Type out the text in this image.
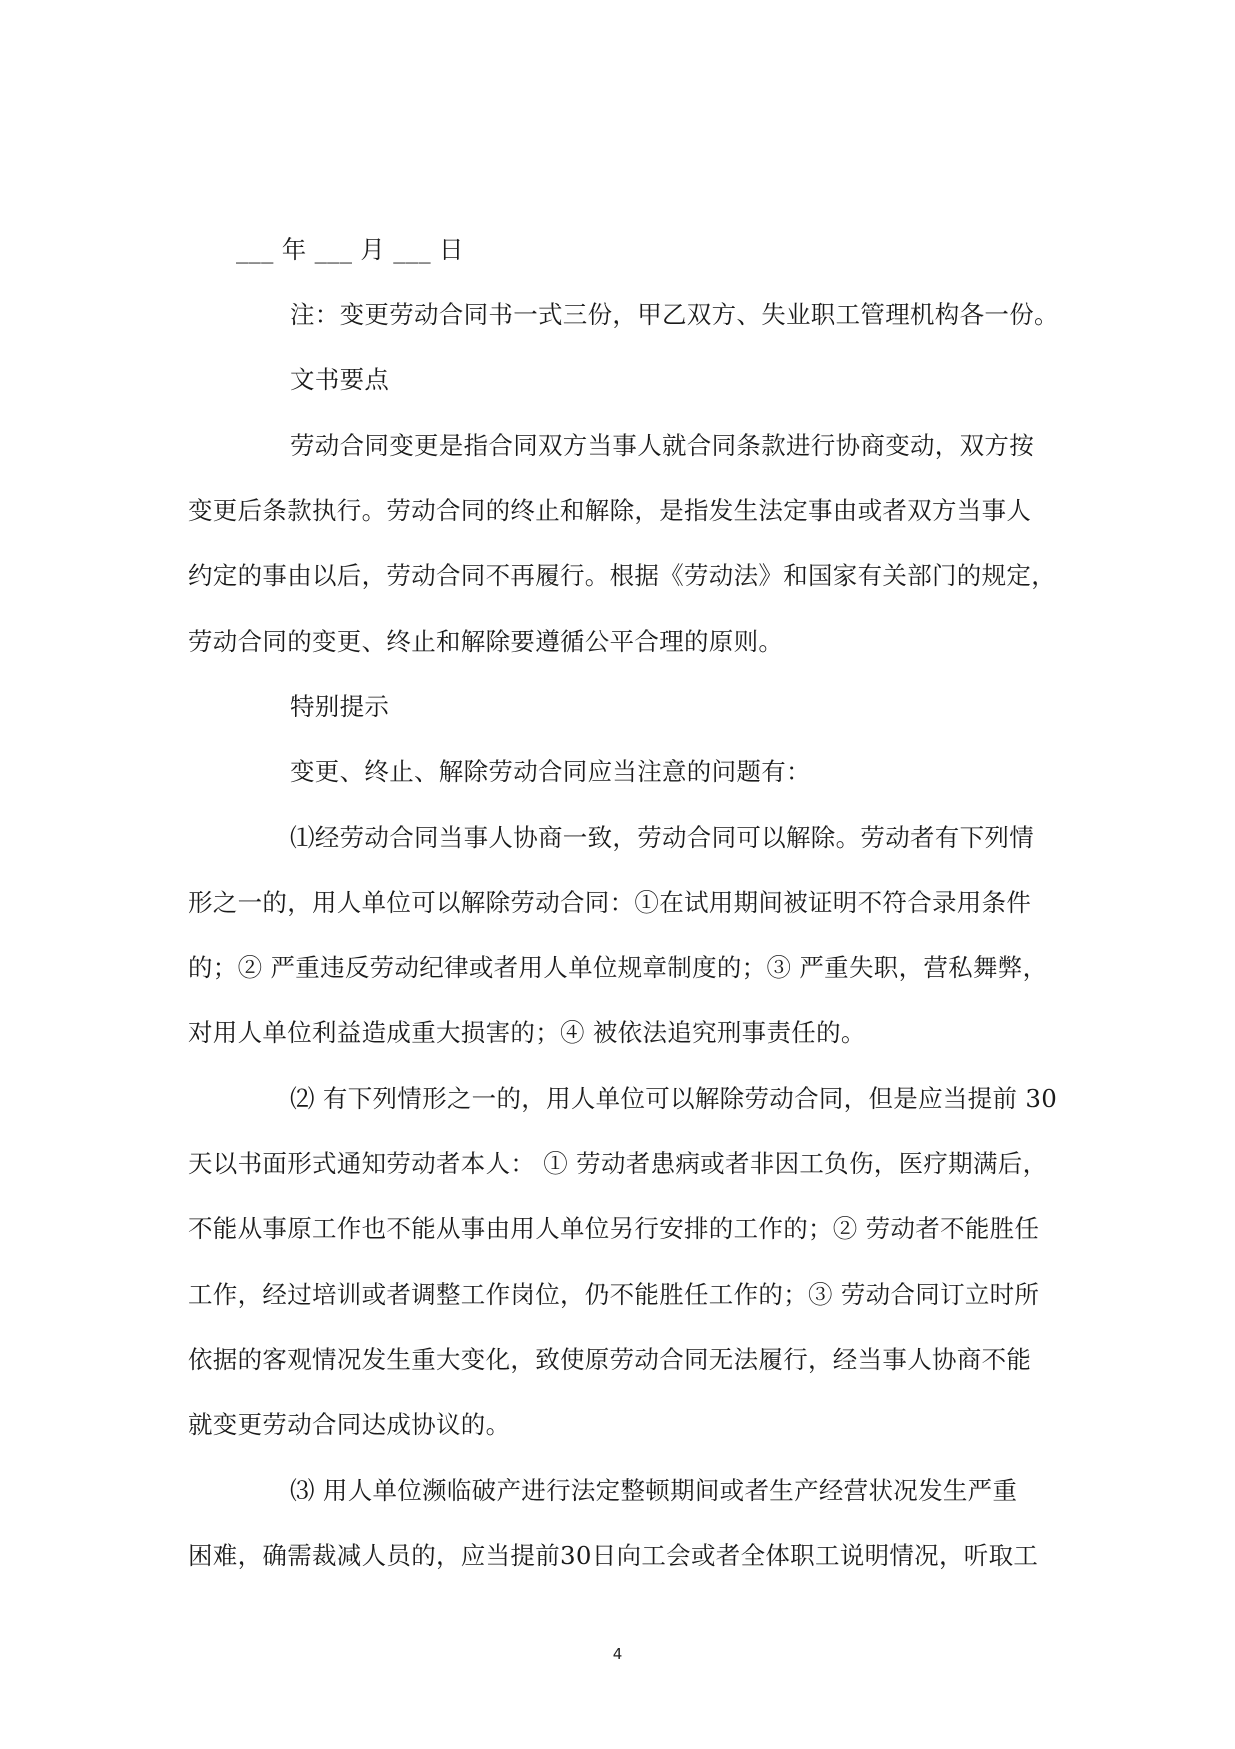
___ 年 ___ 月 ___ 日
注：变更劳动合同书一式三份，甲乙双方、失业职工管理机构各一份。
文书要点
劳动合同变更是指合同双方当事人就合同条款进行协商变动，双方按
变更后条款执行。劳动合同的终止和解除，是指发生法定事由或者双方当事人
约定的事由以后，劳动合同不再履行。根据《劳动法》和国家有关部门的规定，
劳动合同的变更、终止和解除要遵循公平合理的原则。
特别提示
变更、终止、解除劳动合同应当注意的问题有：
⑴经劳动合同当事人协商一致，劳动合同可以解除。劳动者有下列情
形之一的，用人单位可以解除劳动合同：①在试用期间被证明不符合录用条件
的；② 严重违反劳动纪律或者用人单位规章制度的；③ 严重失职，营私舞弊，
对用人单位利益造成重大损害的；④ 被依法追究刑事责任的。
⑵ 有下列情形之一的，用人单位可以解除劳动合同，但是应当提前 30
天以书面形式通知劳动者本人： ① 劳动者患病或者非因工负伤，医疗期满后，
不能从事原工作也不能从事由用人单位另行安排的工作的；② 劳动者不能胜任
工作，经过培训或者调整工作岗位，仍不能胜任工作的；③ 劳动合同订立时所
依据的客观情况发生重大变化，致使原劳动合同无法履行，经当事人协商不能
就变更劳动合同达成协议的。
⑶ 用人单位濒临破产进行法定整顿期间或者生产经营状况发生严重
困难，确需裁减人员的，应当提前30日向工会或者全体职工说明情况，听取工
4
